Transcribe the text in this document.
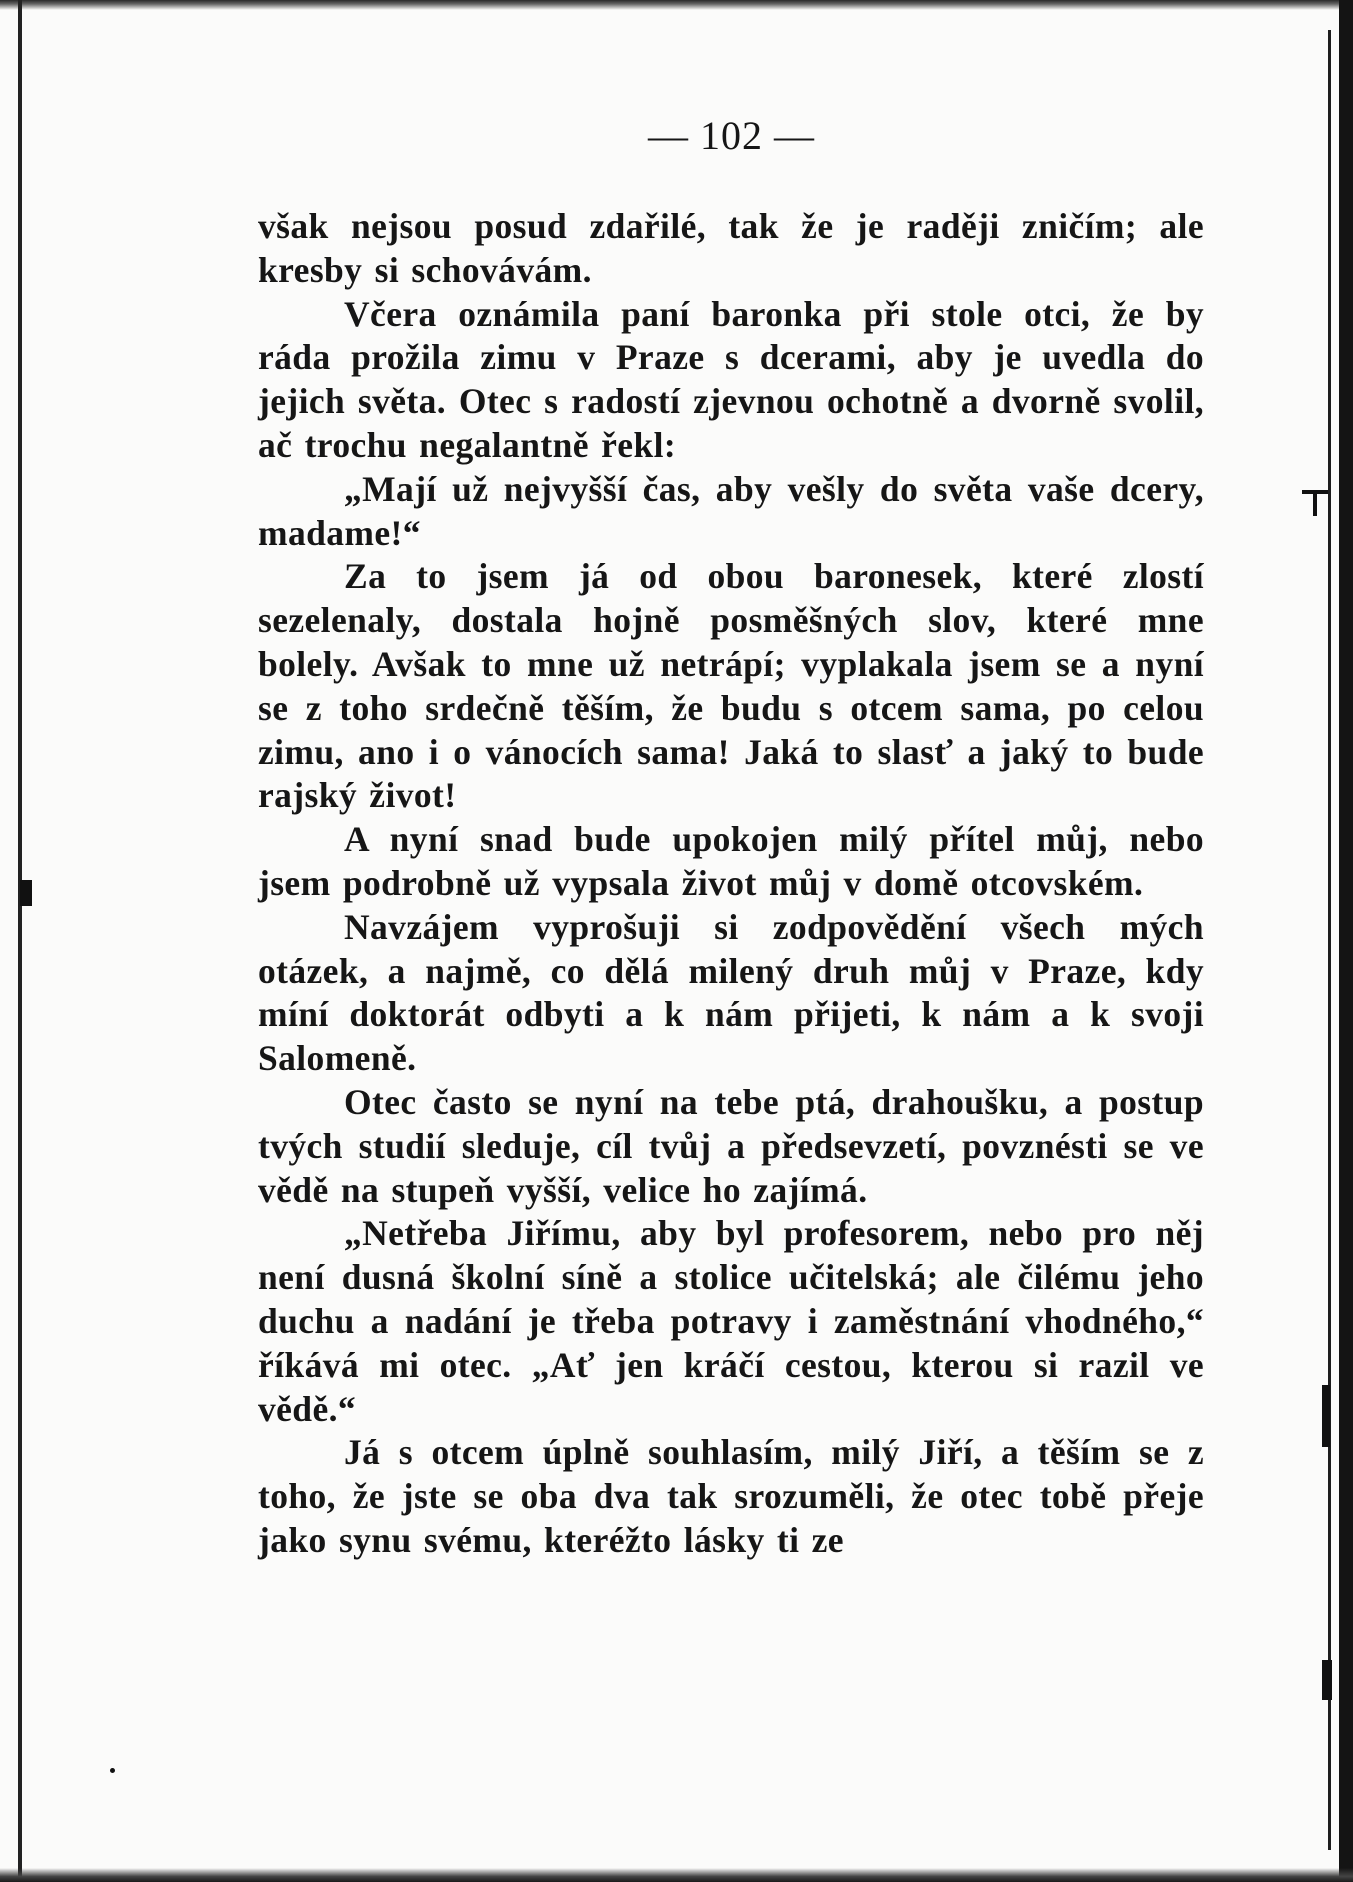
— 102 —

však nejsou posud zdařilé, tak že je raději zničím; ale kresby si schovávám.

Včera oznámila paní baronka při stole otci, že by ráda prožila zimu v Praze s dcerami, aby je uvedla do jejich světa. Otec s radostí zjevnou ochotně a dvorně svolil, ač trochu negalantně řekl:

„Mají už nejvyšší čas, aby vešly do světa vaše dcery, madame!“

Za to jsem já od obou baronesek, které zlostí sezelenaly, dostala hojně posměšných slov, které mne bolely. Avšak to mne už netrápí; vyplakala jsem se a nyní se z toho srdečně těším, že budu s otcem sama, po celou zimu, ano i o vánocích sama! Jaká to slasť a jaký to bude rajský život!

A nyní snad bude upokojen milý přítel můj, nebo jsem podrobně už vypsala život můj v domě otcovském.

Navzájem vyprošuji si zodpovědění všech mých otázek, a najmě, co dělá milený druh můj v Praze, kdy míní doktorát odbyti a k nám přijeti, k nám a k svoji Salomeně.

Otec často se nyní na tebe ptá, drahoušku, a postup tvých studií sleduje, cíl tvůj a předsevzetí, povznésti se ve vědě na stupeň vyšší, velice ho zajímá.

„Netřeba Jiřímu, aby byl profesorem, nebo pro něj není dusná školní síně a stolice učitelská; ale čilému jeho duchu a nadání je třeba potravy i zaměstnání vhodného,“ říkává mi otec. „Ať jen kráčí cestou, kterou si razil ve vědě.“

Já s otcem úplně souhlasím, milý Jiří, a těším se z toho, že jste se oba dva tak srozuměli, že otec tobě přeje jako synu svému, kteréžto lásky ti ze
